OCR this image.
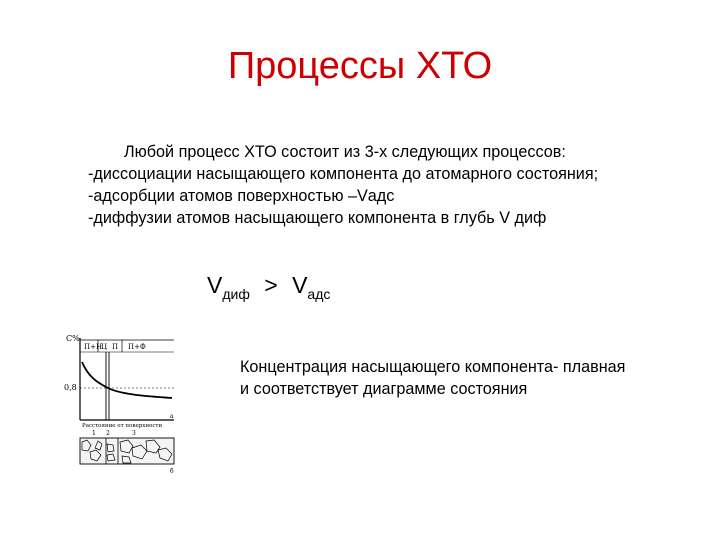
Процессы ХТО
Любой процесс ХТО состоит из 3-х следующих процессов:
-диссоциации насыщающего компонента до атомарного состояния;
-адсорбции атомов поверхностью –Vадс
-диффузии атомов насыщающего компонента в глубь V диф
$V_{диф} > V_{адс}$
Концентрация насыщающего компонента- плавная
и соответствует диаграмме состояния
C%
П+Н
Ц П П+Ф
0,8
Расстояние от поверхности
а
1 2	3
б
